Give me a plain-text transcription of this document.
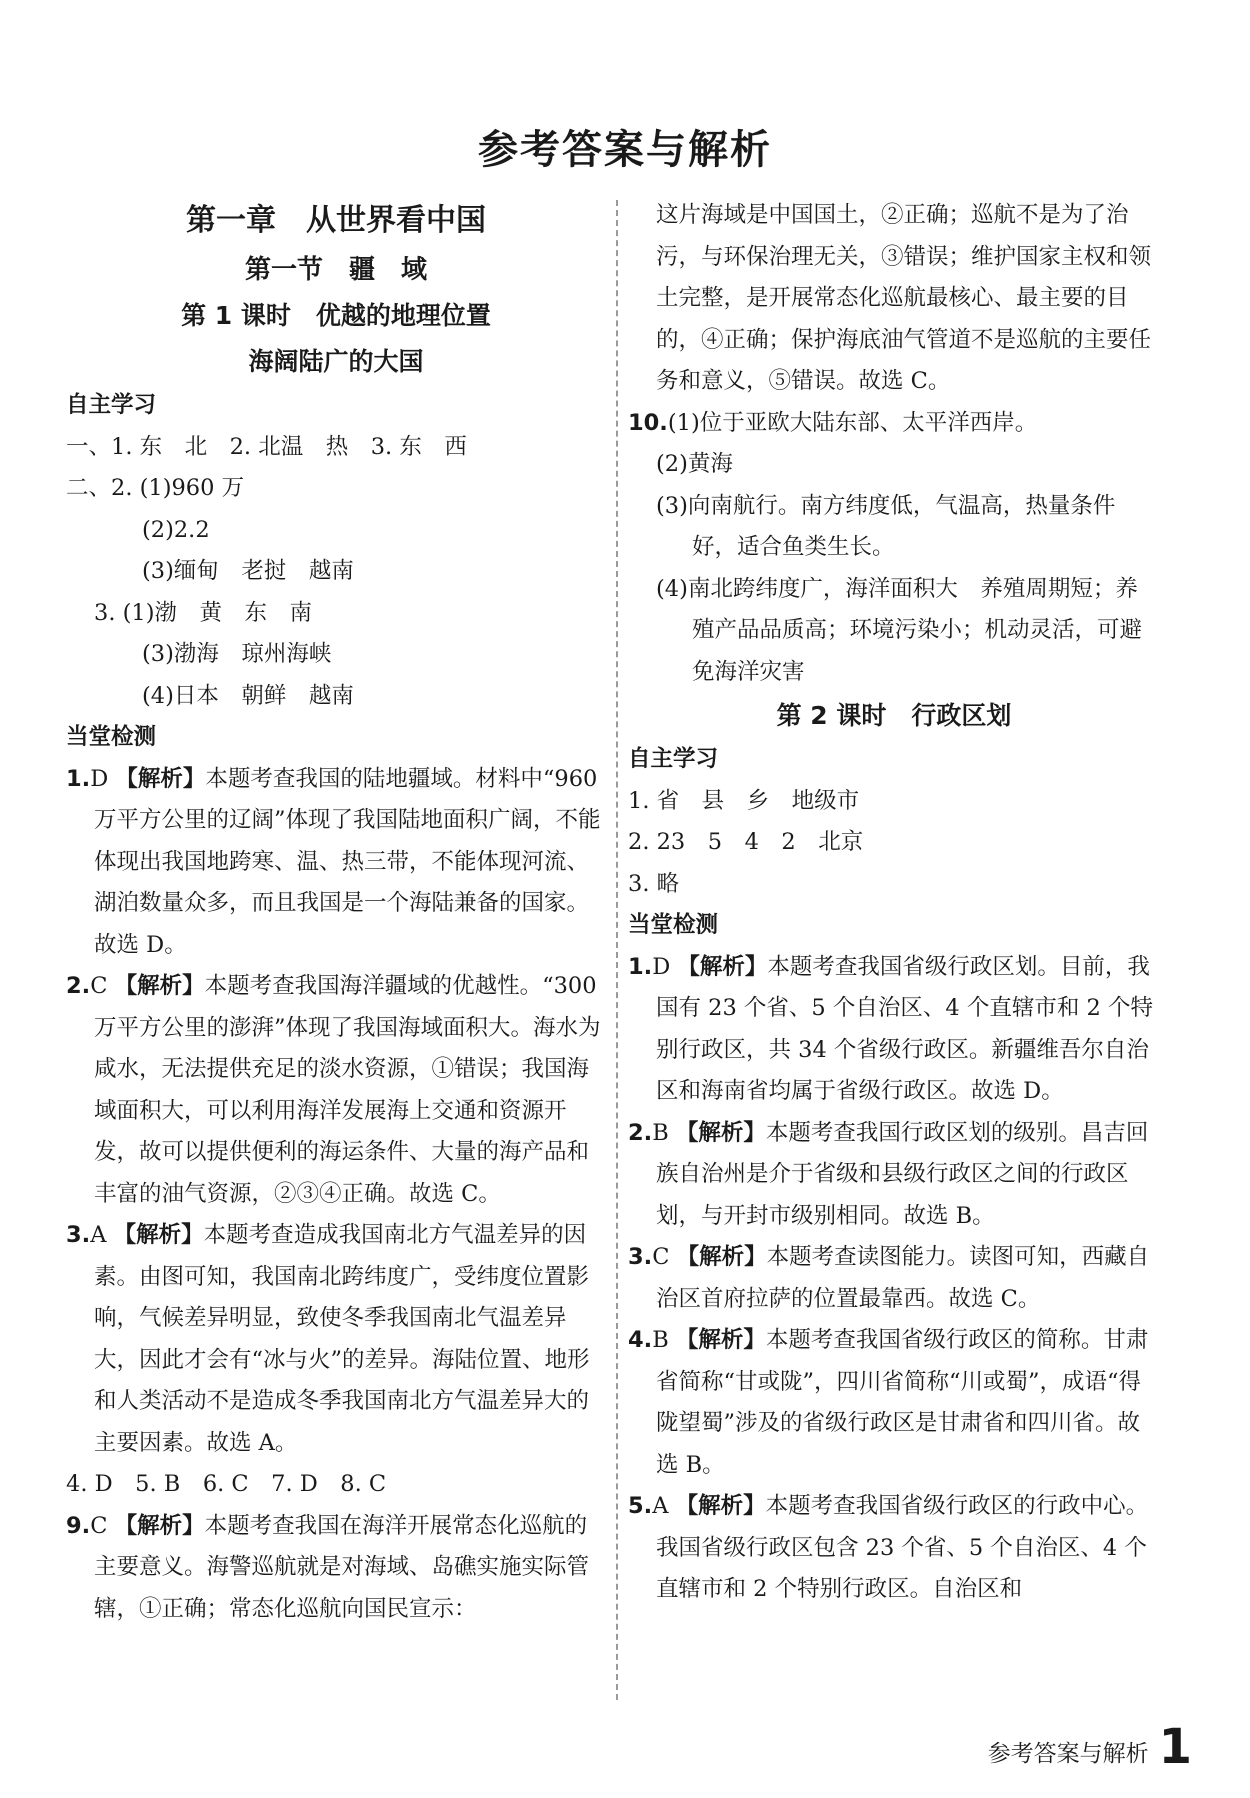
参考答案与解析
第一章　从世界看中国
第一节　疆　域
第 1 课时　优越的地理位置
海阔陆广的大国
自主学习

一、1. 东　北　2. 北温　热　3. 东　西

二、2. (1)960 万

(2)2.2

(3)缅甸　老挝　越南

3. (1)渤　黄　东　南

(3)渤海　琼州海峡

(4)日本　朝鲜　越南

当堂检测

1.D 【解析】本题考查我国的陆地疆域。材料中“960 万平方公里的辽阔”体现了我国陆地面积广阔，不能体现出我国地跨寒、温、热三带，不能体现河流、湖泊数量众多，而且我国是一个海陆兼备的国家。故选 D。

2.C 【解析】本题考查我国海洋疆域的优越性。“300 万平方公里的澎湃”体现了我国海域面积大。海水为咸水，无法提供充足的淡水资源，①错误；我国海域面积大，可以利用海洋发展海上交通和资源开发，故可以提供便利的海运条件、大量的海产品和丰富的油气资源，②③④正确。故选 C。

3.A 【解析】本题考查造成我国南北方气温差异的因素。由图可知，我国南北跨纬度广，受纬度位置影响，气候差异明显，致使冬季我国南北气温差异大，因此才会有“冰与火”的差异。海陆位置、地形和人类活动不是造成冬季我国南北方气温差异大的主要因素。故选 A。

4. D　5. B　6. C　7. D　8. C

9.C 【解析】本题考查我国在海洋开展常态化巡航的主要意义。海警巡航就是对海域、岛礁实施实际管辖，①正确；常态化巡航向国民宣示：

这片海域是中国国土，②正确；巡航不是为了治污，与环保治理无关，③错误；维护国家主权和领土完整，是开展常态化巡航最核心、最主要的目的，④正确；保护海底油气管道不是巡航的主要任务和意义，⑤错误。故选 C。

10.(1)位于亚欧大陆东部、太平洋西岸。

(2)黄海

(3)向南航行。南方纬度低，气温高，热量条件好，适合鱼类生长。

(4)南北跨纬度广，海洋面积大　养殖周期短；养殖产品品质高；环境污染小；机动灵活，可避免海洋灾害

第 2 课时　行政区划
自主学习

1. 省　县　乡　地级市

2. 23　5　4　2　北京

3. 略

当堂检测

1.D 【解析】本题考查我国省级行政区划。目前，我国有 23 个省、5 个自治区、4 个直辖市和 2 个特别行政区，共 34 个省级行政区。新疆维吾尔自治区和海南省均属于省级行政区。故选 D。

2.B 【解析】本题考查我国行政区划的级别。昌吉回族自治州是介于省级和县级行政区之间的行政区划，与开封市级别相同。故选 B。

3.C 【解析】本题考查读图能力。读图可知，西藏自治区首府拉萨的位置最靠西。故选 C。

4.B 【解析】本题考查我国省级行政区的简称。甘肃省简称“甘或陇”，四川省简称“川或蜀”，成语“得陇望蜀”涉及的省级行政区是甘肃省和四川省。故选 B。

5.A 【解析】本题考查我国省级行政区的行政中心。我国省级行政区包含 23 个省、5 个自治区、4 个直辖市和 2 个特别行政区。自治区和

参考答案与解析 1
